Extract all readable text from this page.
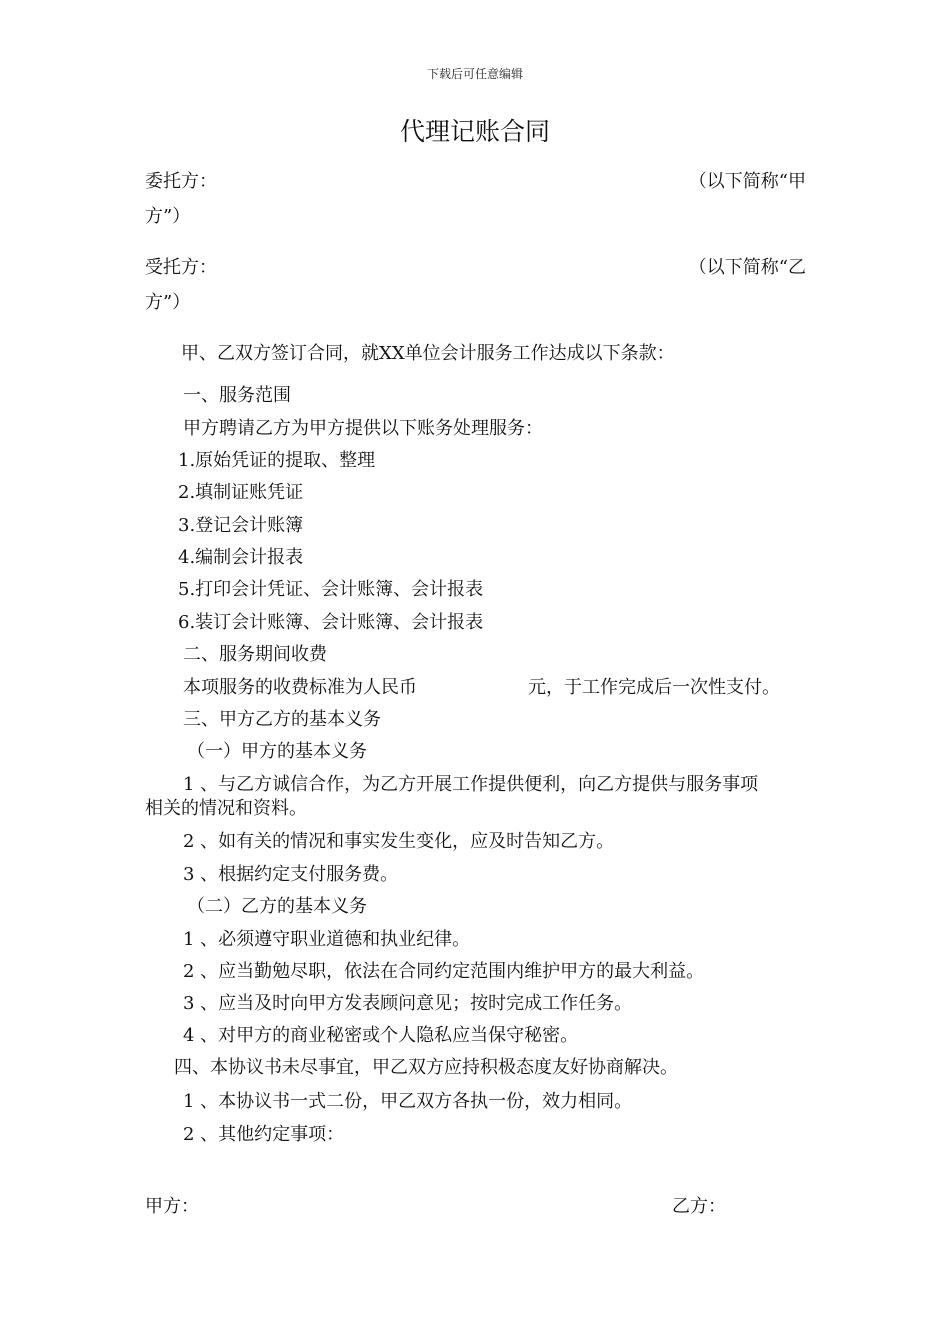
下载后可任意编辑
代理记账合同
委托方：	（以下简称“甲
方”）
受托方：	（以下简称“乙
方”）
甲、乙双方签订合同，就XX单位会计服务工作达成以下条款：
一、服务范围
甲方聘请乙方为甲方提供以下账务处理服务：
1.原始凭证的提取、整理
2.填制证账凭证
3.登记会计账簿
4.编制会计报表
5.打印会计凭证、会计账簿、会计报表
6.装订会计账簿、会计账簿、会计报表
二、服务期间收费
本项服务的收费标准为人民币	元，于工作完成后一次性支付。
三、甲方乙方的基本义务
（一）甲方的基本义务
1 、与乙方诚信合作，为乙方开展工作提供便利，向乙方提供与服务事项
相关的情况和资料。
2 、如有关的情况和事实发生变化，应及时告知乙方。
3 、根据约定支付服务费。
（二）乙方的基本义务
1 、必须遵守职业道德和执业纪律。
2 、应当勤勉尽职，依法在合同约定范围内维护甲方的最大利益。
3 、应当及时向甲方发表顾问意见；按时完成工作任务。
4 、对甲方的商业秘密或个人隐私应当保守秘密。
四、本协议书未尽事宜，甲乙双方应持积极态度友好协商解决。
1 、本协议书一式二份，甲乙双方各执一份，效力相同。
2 、其他约定事项：
甲方：	乙方：
